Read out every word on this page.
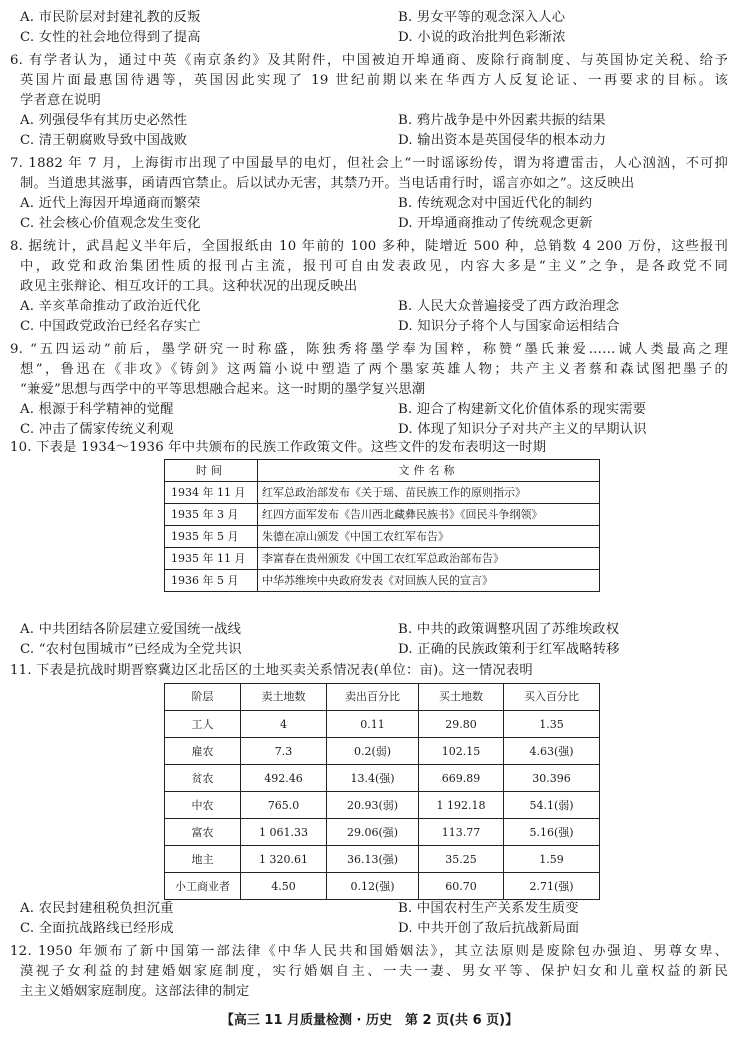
A. 市民阶层对封建礼教的反叛	B. 男女平等的观念深入人心
C. 女性的社会地位得到了提高	D. 小说的政治批判色彩渐浓
6. 有学者认为，通过中英《南京条约》及其附件，中国被迫开埠通商、废除行商制度、与英国协定关税、给予
英国片面最惠国待遇等，英国因此实现了 19 世纪前期以来在华西方人反复论证、一再要求的目标。该
学者意在说明
A. 列强侵华有其历史必然性	B. 鸦片战争是中外因素共振的结果
C. 清王朝腐败导致中国战败	D. 输出资本是英国侵华的根本动力
7. 1882 年 7 月，上海街市出现了中国最早的电灯，但社会上“一时谣诼纷传，谓为将遭雷击，人心汹汹，不可抑
制。当道患其滋事，函请西官禁止。后以试办无害，其禁乃开。当电话甫行时，谣言亦如之”。这反映出
A. 近代上海因开埠通商而繁荣	B. 传统观念对中国近代化的制约
C. 社会核心价值观念发生变化	D. 开埠通商推动了传统观念更新
8. 据统计，武昌起义半年后，全国报纸由 10 年前的 100 多种，陡增近 500 种，总销数 4 200 万份，这些报刊
中，政党和政治集团性质的报刊占主流，报刊可自由发表政见，内容大多是“主义”之争，是各政党不同
政见主张辩论、相互攻讦的工具。这种状况的出现反映出
A. 辛亥革命推动了政治近代化	B. 人民大众普遍接受了西方政治理念
C. 中国政党政治已经名存实亡	D. 知识分子将个人与国家命运相结合
9. “五四运动”前后，墨学研究一时称盛，陈独秀将墨学奉为国粹，称赞“墨氏兼爱……诚人类最高之理
想”，鲁迅在《非攻》《铸剑》这两篇小说中塑造了两个墨家英雄人物；共产主义者蔡和森试图把墨子的
“兼爱”思想与西学中的平等思想融合起来。这一时期的墨学复兴思潮
A. 根源于科学精神的觉醒	B. 迎合了构建新文化价值体系的现实需要
C. 冲击了儒家传统义利观	D. 体现了知识分子对共产主义的早期认识
10. 下表是 1934～1936 年中共颁布的民族工作政策文件。这些文件的发布表明这一时期
时间	文件名称
1934 年 11 月	红军总政治部发布《关于瑶、苗民族工作的原则指示》
1935 年 3 月	红四方面军发布《告川西北藏彝民族书》《回民斗争纲领》
1935 年 5 月	朱德在凉山颁发《中国工农红军布告》
1935 年 11 月	李富春在贵州颁发《中国工农红军总政治部布告》
1936 年 5 月	中华苏维埃中央政府发表《对回族人民的宣言》
A. 中共团结各阶层建立爱国统一战线	B. 中共的政策调整巩固了苏维埃政权
C. “农村包围城市”已经成为全党共识	D. 正确的民族政策利于红军战略转移
11. 下表是抗战时期晋察冀边区北岳区的土地买卖关系情况表(单位：亩)。这一情况表明
阶层	卖土地数	卖出百分比	买土地数	买入百分比
工人	4	0.11	29.80	1.35
雇农	7.3	0.2(弱)	102.15	4.63(强)
贫农	492.46	13.4(强)	669.89	30.396
中农	765.0	20.93(弱)	1 192.18	54.1(弱)
富农	1 061.33	29.06(强)	113.77	5.16(强)
地主	1 320.61	36.13(强)	35.25	1.59
小工商业者	4.50	0.12(强)	60.70	2.71(强)
A. 农民封建租税负担沉重	B. 中国农村生产关系发生质变
C. 全面抗战路线已经形成	D. 中共开创了敌后抗战新局面
12. 1950 年颁布了新中国第一部法律《中华人民共和国婚姻法》，其立法原则是废除包办强迫、男尊女卑、
漠视子女利益的封建婚姻家庭制度，实行婚姻自主、一夫一妻、男女平等、保护妇女和儿童权益的新民
主主义婚姻家庭制度。这部法律的制定
【高三 11 月质量检测 · 历史　第 2 页(共 6 页)】
